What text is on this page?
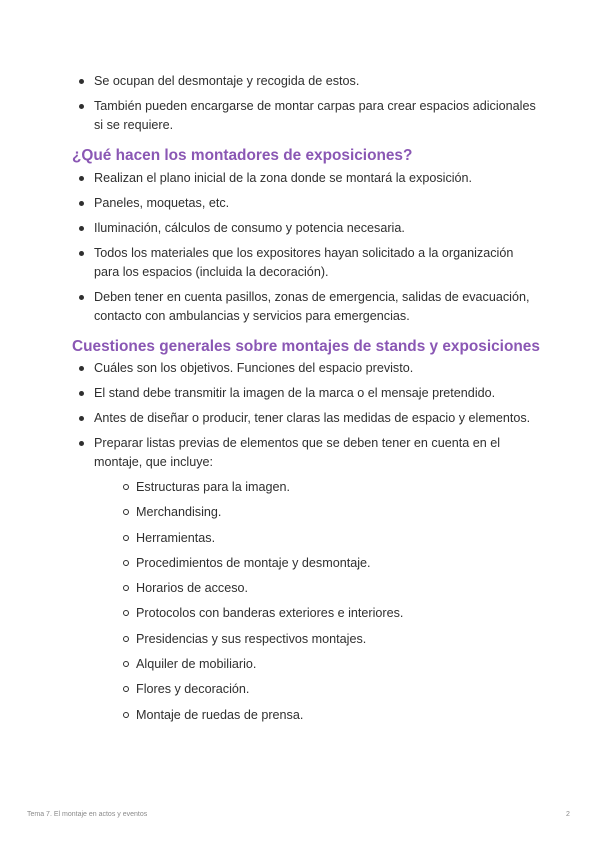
Se ocupan del desmontaje y recogida de estos.
También pueden encargarse de montar carpas para crear espacios adicionales si se requiere.
¿Qué hacen los montadores de exposiciones?
Realizan el plano inicial de la zona donde se montará la exposición.
Paneles, moquetas, etc.
Iluminación, cálculos de consumo y potencia necesaria.
Todos los materiales que los expositores hayan solicitado a la organización para los espacios (incluida la decoración).
Deben tener en cuenta pasillos, zonas de emergencia, salidas de evacuación, contacto con ambulancias y servicios para emergencias.
Cuestiones generales sobre montajes de stands y exposiciones
Cuáles son los objetivos. Funciones del espacio previsto.
El stand debe transmitir la imagen de la marca o el mensaje pretendido.
Antes de diseñar o producir, tener claras las medidas de espacio y elementos.
Preparar listas previas de elementos que se deben tener en cuenta en el montaje, que incluye:
Estructuras para la imagen.
Merchandising.
Herramientas.
Procedimientos de montaje y desmontaje.
Horarios de acceso.
Protocolos con banderas exteriores e interiores.
Presidencias y sus respectivos montajes.
Alquiler de mobiliario.
Flores y decoración.
Montaje de ruedas de prensa.
Tema 7. El montaje en actos y eventos	2
